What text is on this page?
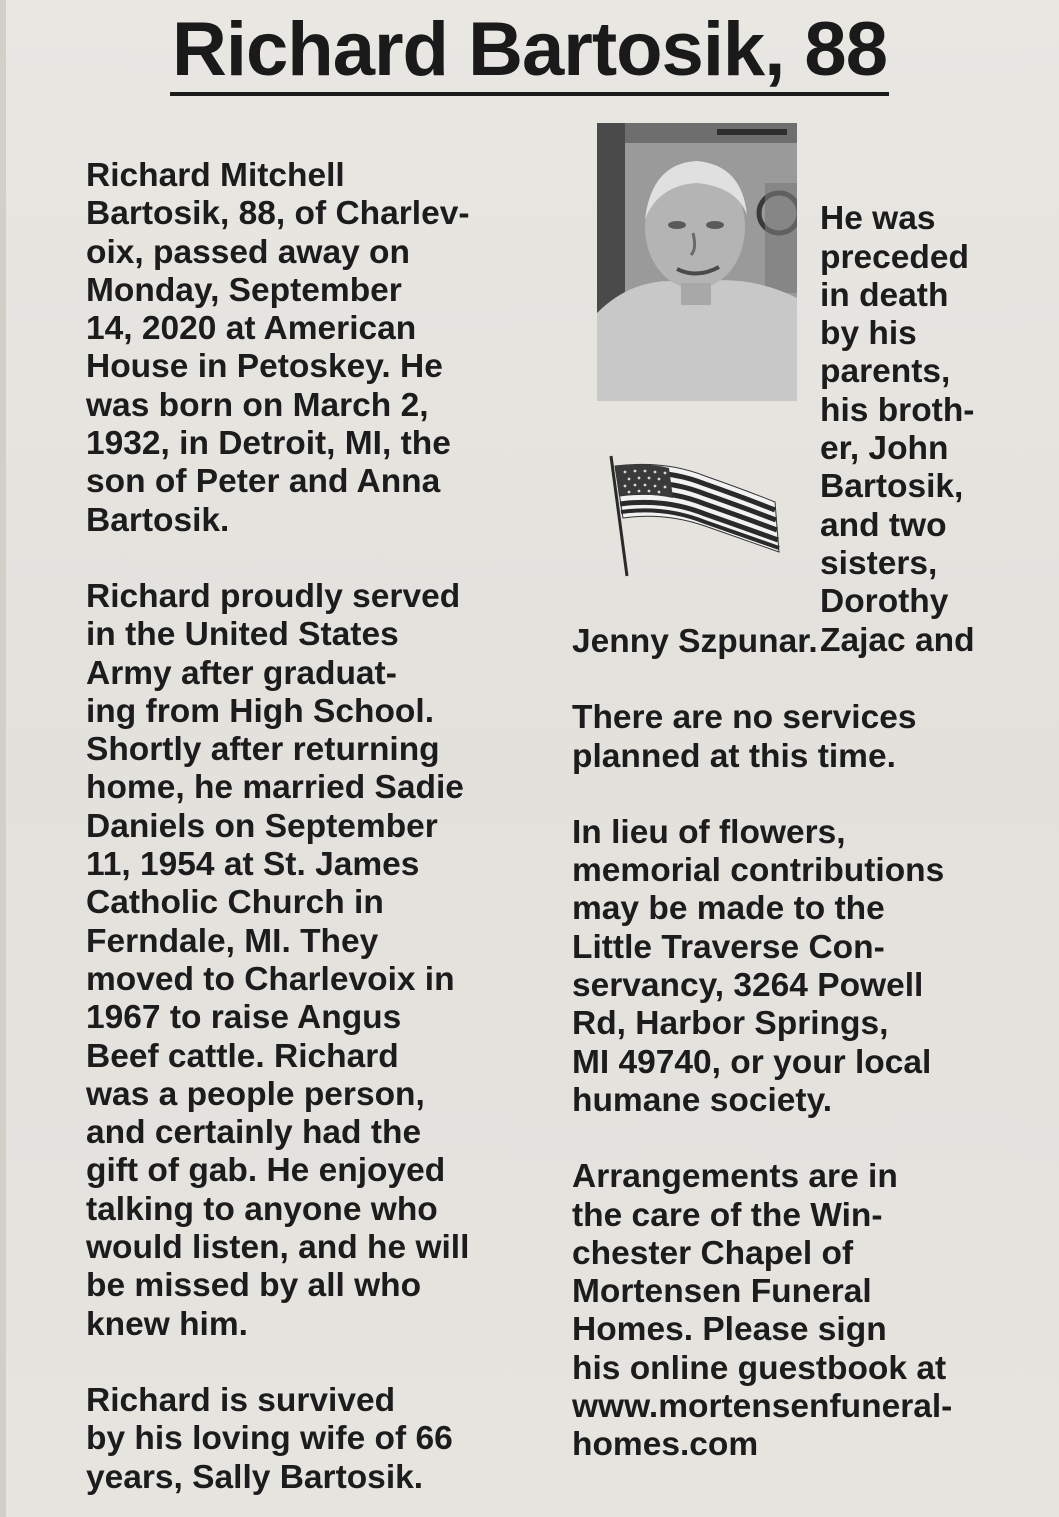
Richard Bartosik, 88

Richard Mitchell
Bartosik, 88, of Charlev-
oix, passed away on
Monday, September
14, 2020 at American
House in Petoskey. He
was born on March 2,
1932, in Detroit, MI, the
son of Peter and Anna
Bartosik.

Richard proudly served
in the United States
Army after graduat-
ing from High School.
Shortly after returning
home, he married Sadie
Daniels on September
11, 1954 at St. James
Catholic Church in
Ferndale, MI. They
moved to Charlevoix in
1967 to raise Angus
Beef cattle. Richard
was a people person,
and certainly had the
gift of gab. He enjoyed
talking to anyone who
would listen, and he will
be missed by all who
knew him.

Richard is survived
by his loving wife of 66
years, Sally Bartosik.

He was
preceded
in death
by his
parents,
his broth-
er, John
Bartosik,
and two
sisters,
Dorothy
Zajac and

Jenny Szpunar.

There are no services
planned at this time.

In lieu of flowers,
memorial contributions
may be made to the
Little Traverse Con-
servancy, 3264 Powell
Rd, Harbor Springs,
MI 49740, or your local
humane society.

Arrangements are in
the care of the Win-
chester Chapel of
Mortensen Funeral
Homes. Please sign
his online guestbook at
www.mortensenfuneral-
homes.com
